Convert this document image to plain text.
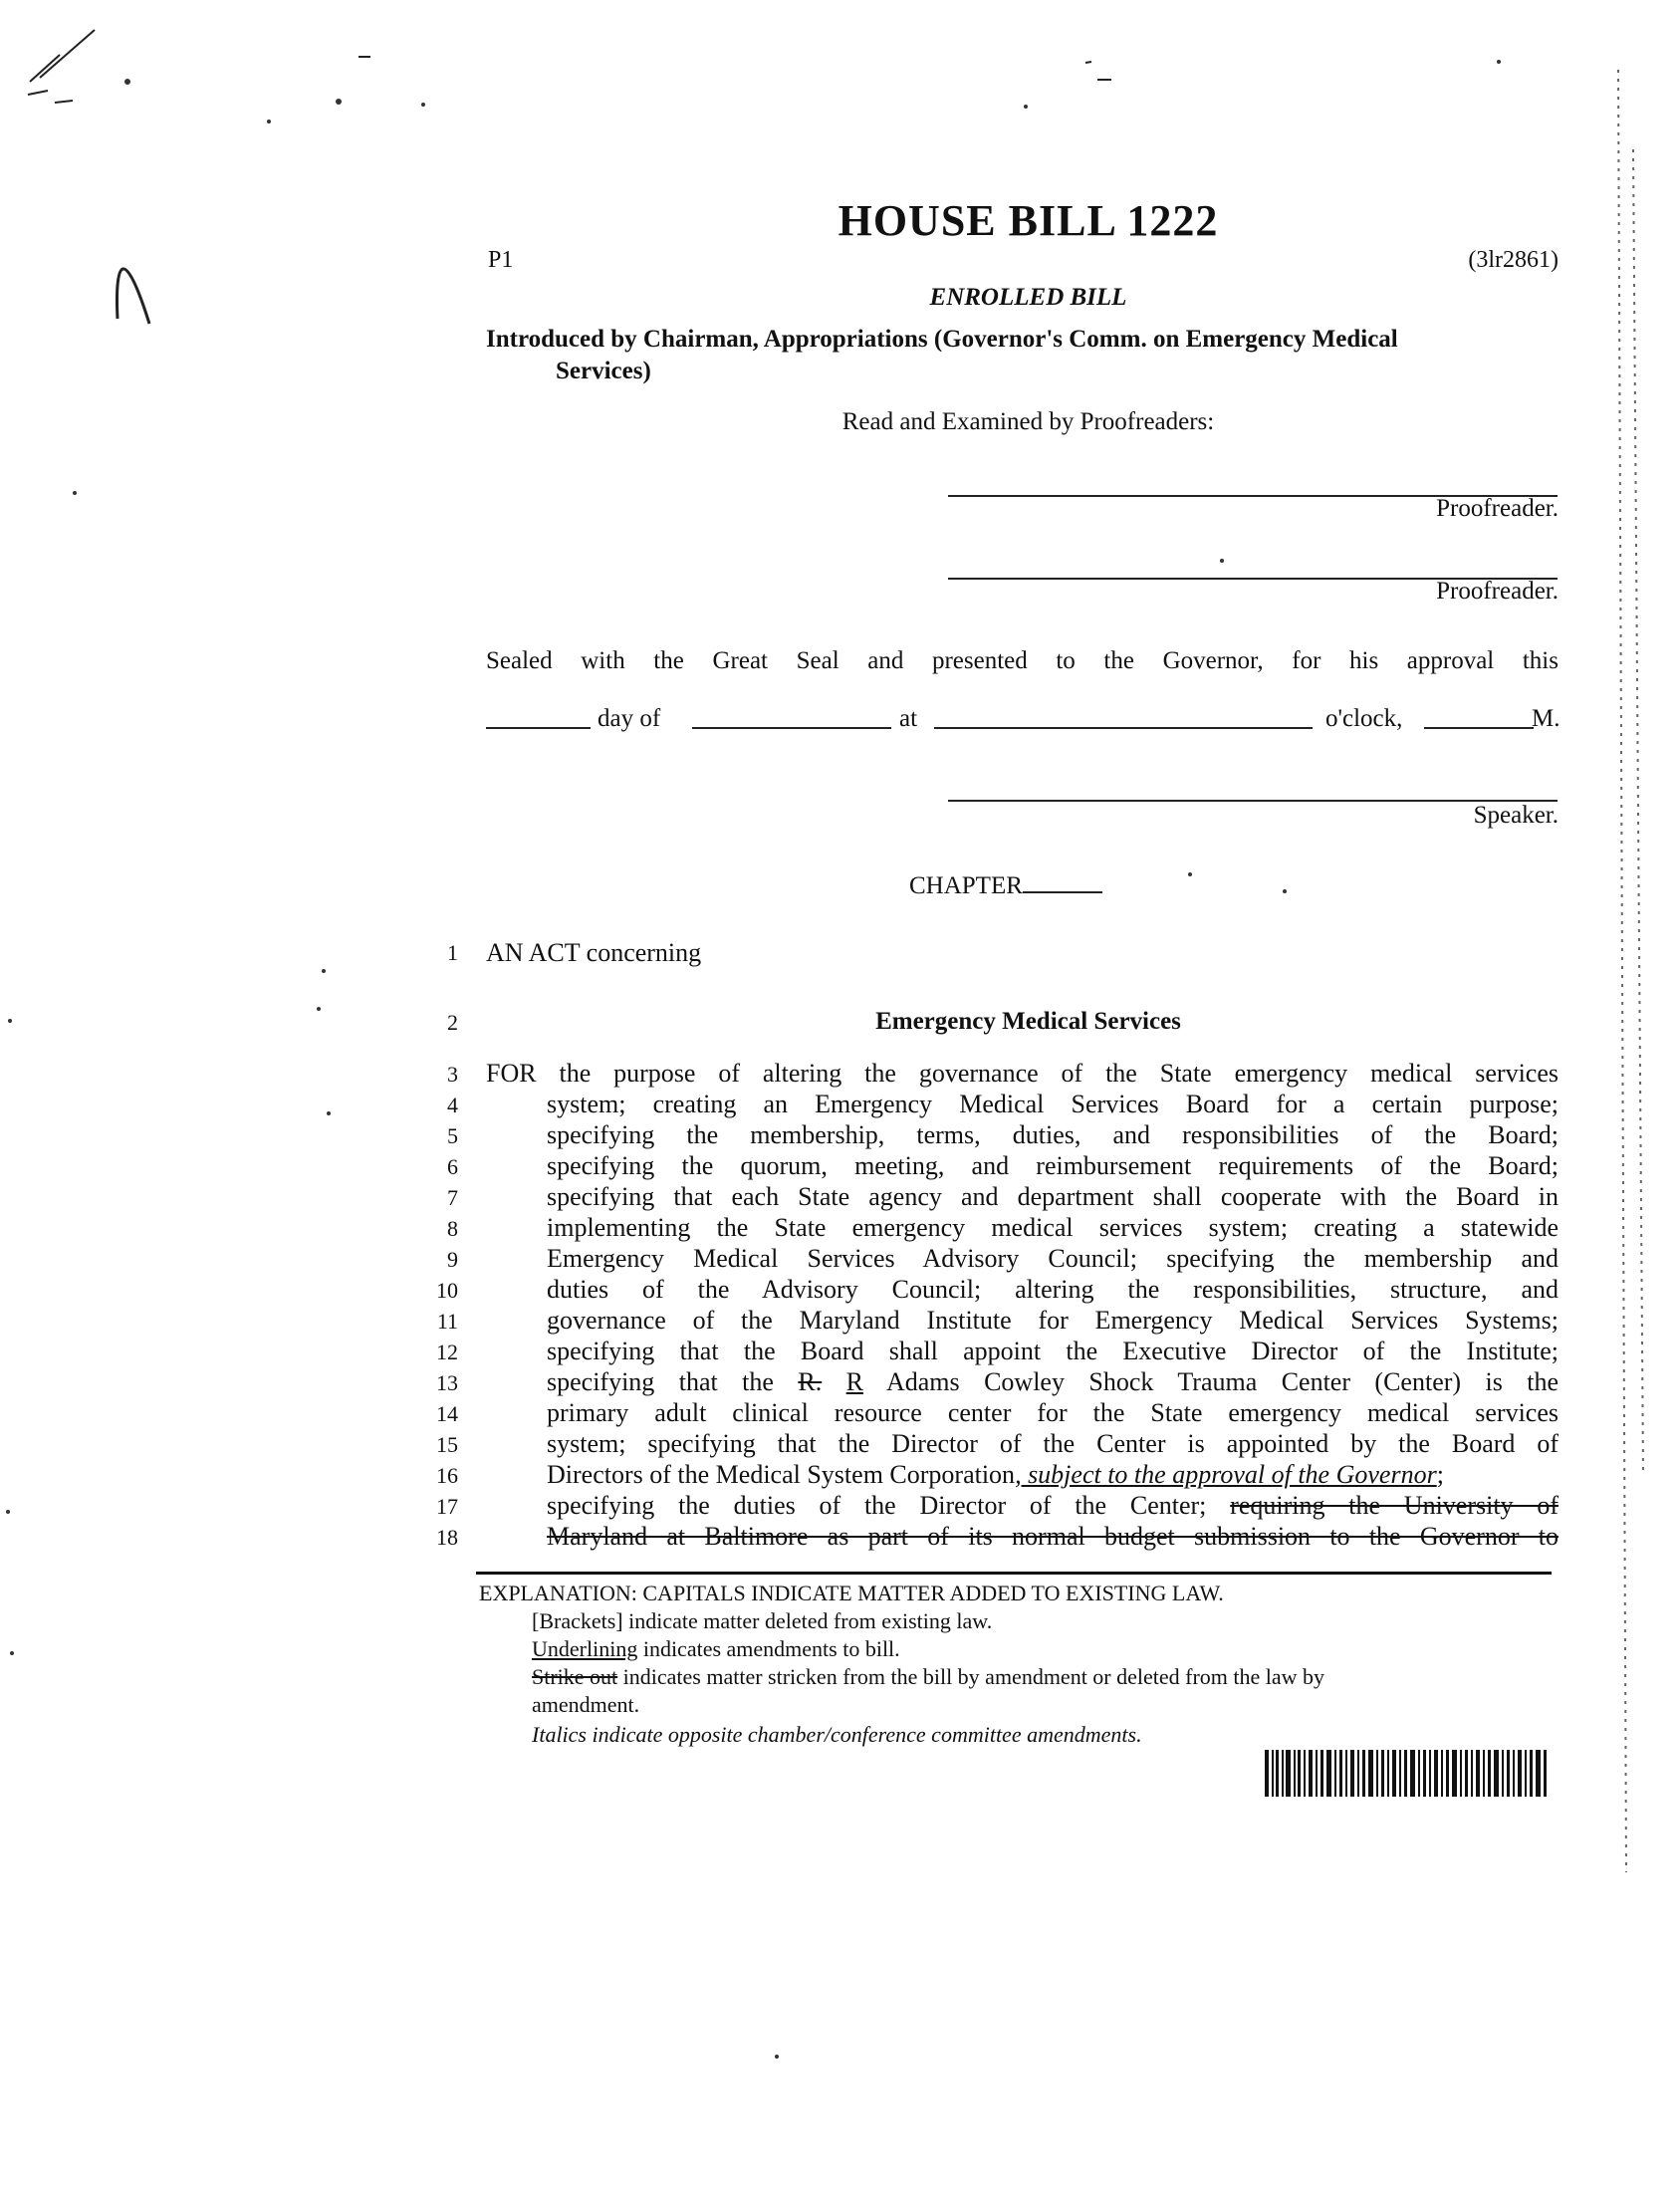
HOUSE BILL 1222
P1	(3lr2861)
ENROLLED BILL
Introduced by Chairman, Appropriations (Governor's Comm. on Emergency Medical
Services)
Read and Examined by Proofreaders:
Proofreader.
Proofreader.
Sealed with the Great Seal and presented to the Governor, for his approval this
day of	at	o'clock,	M.
Speaker.
CHAPTER
1
2
3
4
5
6
7
8
9
10
11
12
13
14
15
16
17
18
AN ACT concerning
Emergency Medical Services
FOR the purpose of altering the governance of the State emergency medical services
system; creating an Emergency Medical Services Board for a certain purpose;
specifying the membership, terms, duties, and responsibilities of the Board;
specifying the quorum, meeting, and reimbursement requirements of the Board;
specifying that each State agency and department shall cooperate with the Board in
implementing the State emergency medical services system; creating a statewide
Emergency Medical Services Advisory Council; specifying the membership and
duties of the Advisory Council; altering the responsibilities, structure, and
governance of the Maryland Institute for Emergency Medical Services Systems;
specifying that the Board shall appoint the Executive Director of the Institute;
specifying that the R. R Adams Cowley Shock Trauma Center (Center) is the
primary adult clinical resource center for the State emergency medical services
system; specifying that the Director of the Center is appointed by the Board of
Directors of the Medical System Corporation, subject to the approval of the Governor;
specifying the duties of the Director of the Center; requiring the University of
Maryland at Baltimore as part of its normal budget submission to the Governor to
EXPLANATION: CAPITALS INDICATE MATTER ADDED TO EXISTING LAW.
[Brackets] indicate matter deleted from existing law.
Underlining indicates amendments to bill.
Strike out indicates matter stricken from the bill by amendment or deleted from the law by
amendment.
Italics indicate opposite chamber/conference committee amendments.
